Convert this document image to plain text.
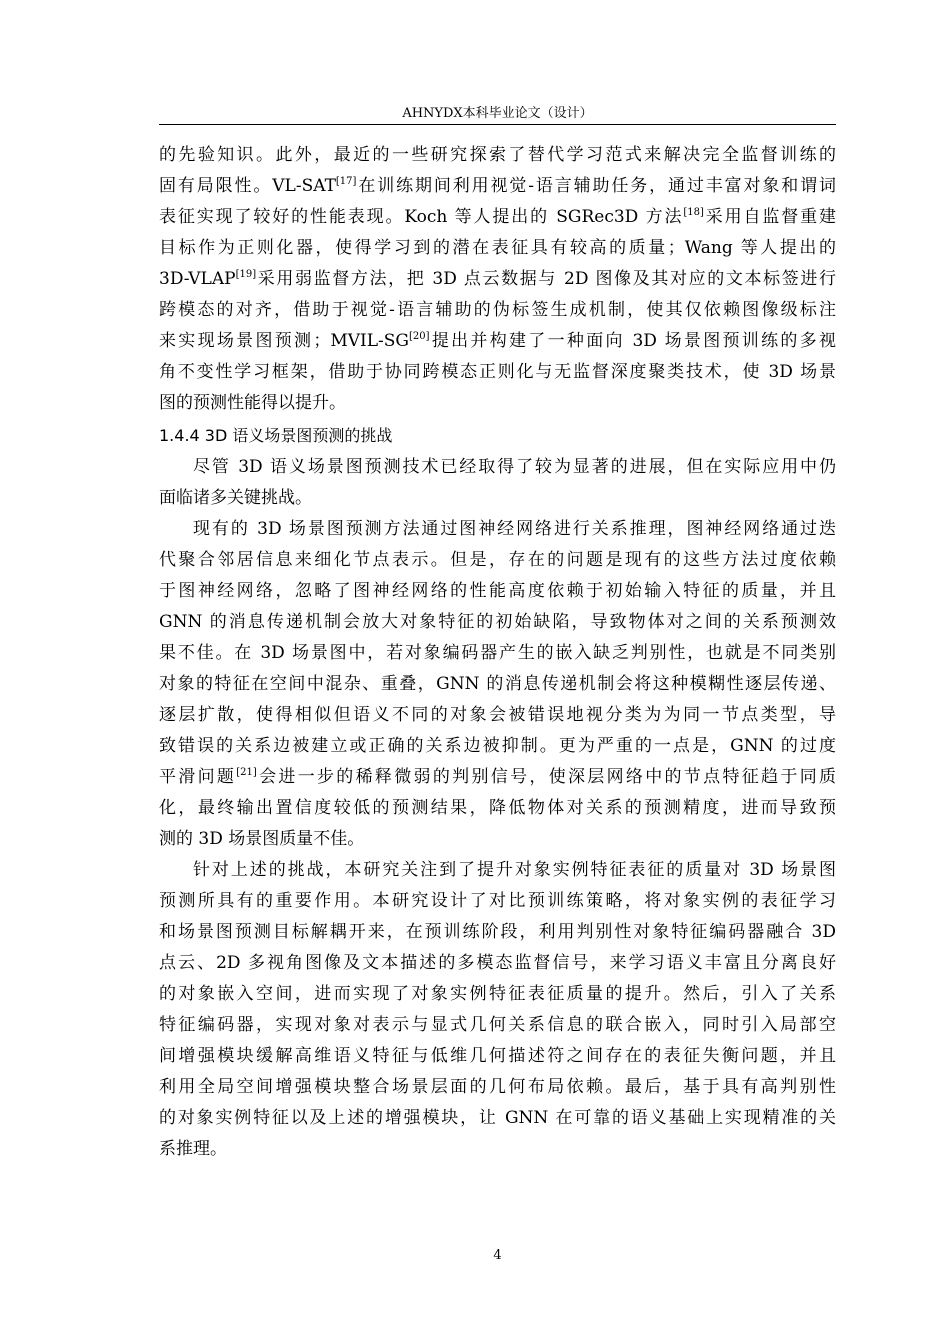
AHNYDX本科毕业论文（设计）
的先验知识。此外，最近的一些研究探索了替代学习范式来解决完全监督训练的
固有局限性。VL-SAT[17]在训练期间利用视觉-语言辅助任务，通过丰富对象和谓词
表征实现了较好的性能表现。Koch 等人提出的 SGRec3D 方法[18]采用自监督重建
目标作为正则化器，使得学习到的潜在表征具有较高的质量；Wang 等人提出的
3D-VLAP[19]采用弱监督方法，把 3D 点云数据与 2D 图像及其对应的文本标签进行
跨模态的对齐，借助于视觉-语言辅助的伪标签生成机制，使其仅依赖图像级标注
来实现场景图预测；MVIL-SG[20]提出并构建了一种面向 3D 场景图预训练的多视
角不变性学习框架，借助于协同跨模态正则化与无监督深度聚类技术，使 3D 场景
图的预测性能得以提升。
1.4.4 3D 语义场景图预测的挑战
尽管 3D 语义场景图预测技术已经取得了较为显著的进展，但在实际应用中仍
面临诸多关键挑战。
现有的 3D 场景图预测方法通过图神经网络进行关系推理，图神经网络通过迭
代聚合邻居信息来细化节点表示。但是，存在的问题是现有的这些方法过度依赖
于图神经网络，忽略了图神经网络的性能高度依赖于初始输入特征的质量，并且
GNN 的消息传递机制会放大对象特征的初始缺陷，导致物体对之间的关系预测效
果不佳。在 3D 场景图中，若对象编码器产生的嵌入缺乏判别性，也就是不同类别
对象的特征在空间中混杂、重叠，GNN 的消息传递机制会将这种模糊性逐层传递、
逐层扩散，使得相似但语义不同的对象会被错误地视分类为为同一节点类型，导
致错误的关系边被建立或正确的关系边被抑制。更为严重的一点是，GNN 的过度
平滑问题[21]会进一步的稀释微弱的判别信号，使深层网络中的节点特征趋于同质
化，最终输出置信度较低的预测结果，降低物体对关系的预测精度，进而导致预
测的 3D 场景图质量不佳。
针对上述的挑战，本研究关注到了提升对象实例特征表征的质量对 3D 场景图
预测所具有的重要作用。本研究设计了对比预训练策略，将对象实例的表征学习
和场景图预测目标解耦开来，在预训练阶段，利用判别性对象特征编码器融合 3D
点云、2D 多视角图像及文本描述的多模态监督信号，来学习语义丰富且分离良好
的对象嵌入空间，进而实现了对象实例特征表征质量的提升。然后，引入了关系
特征编码器，实现对象对表示与显式几何关系信息的联合嵌入，同时引入局部空
间增强模块缓解高维语义特征与低维几何描述符之间存在的表征失衡问题，并且
利用全局空间增强模块整合场景层面的几何布局依赖。最后，基于具有高判别性
的对象实例特征以及上述的增强模块，让 GNN 在可靠的语义基础上实现精准的关
系推理。
4
